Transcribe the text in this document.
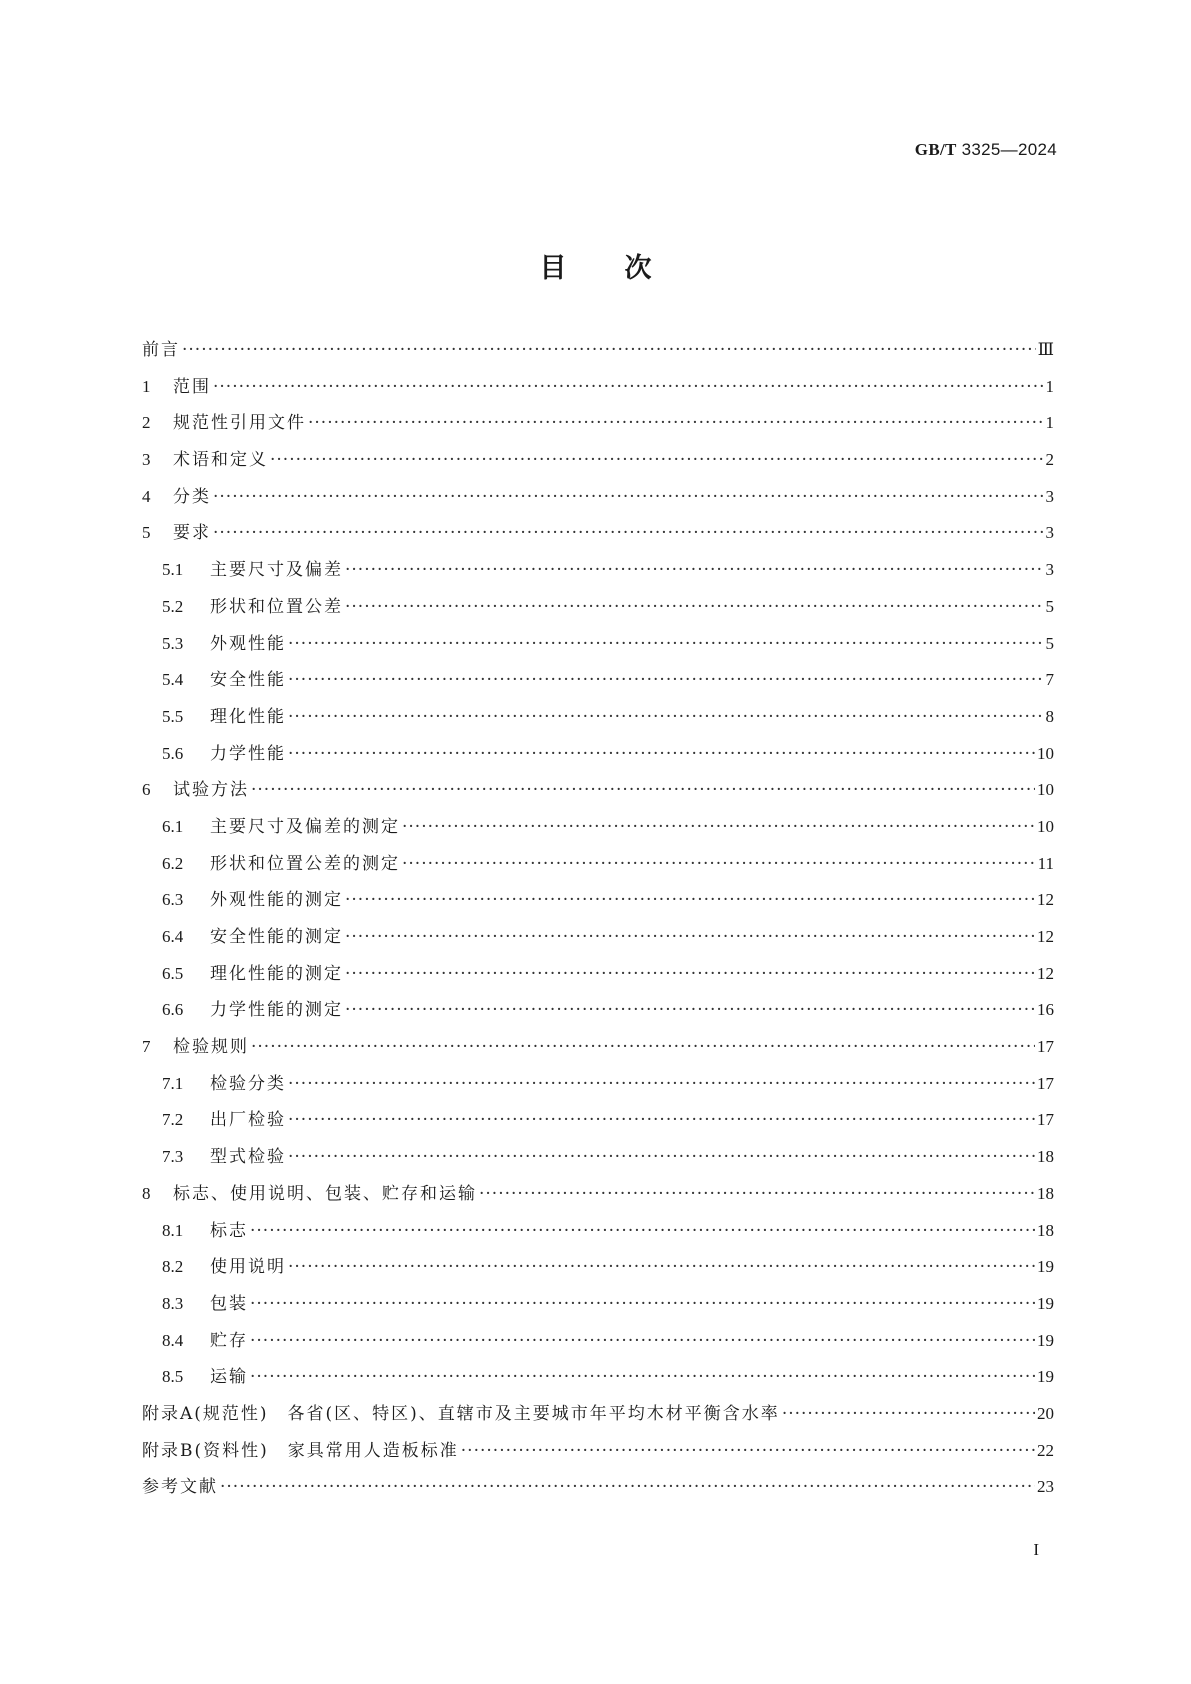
GB/T 3325—2024
目 次
前言 ·····	Ⅲ
1	范围 ·····	1
2	规范性引用文件 ·····	1
3	术语和定义 ·····	2
4	分类 ·····	3
5	要求 ·····	3
5.1	主要尺寸及偏差 ·····	3
5.2	形状和位置公差 ·····	5
5.3	外观性能 ·····	5
5.4	安全性能 ·····	7
5.5	理化性能 ·····	8
5.6	力学性能 ·····	10
6	试验方法 ·····	10
6.1	主要尺寸及偏差的测定 ·····	10
6.2	形状和位置公差的测定 ·····	11
6.3	外观性能的测定 ·····	12
6.4	安全性能的测定 ·····	12
6.5	理化性能的测定 ·····	12
6.6	力学性能的测定 ·····	16
7	检验规则 ·····	17
7.1	检验分类 ·····	17
7.2	出厂检验 ·····	17
7.3	型式检验 ·····	18
8	标志、使用说明、包装、贮存和运输 ·····	18
8.1	标志 ·····	18
8.2	使用说明 ·····	19
8.3	包装 ·····	19
8.4	贮存 ·····	19
8.5	运输 ·····	19
附录A(规范性) 各省(区、特区)、直辖市及主要城市年平均木材平衡含水率 ·····	20
附录B(资料性) 家具常用人造板标准 ·····	22
参考文献 ·····	23
I
